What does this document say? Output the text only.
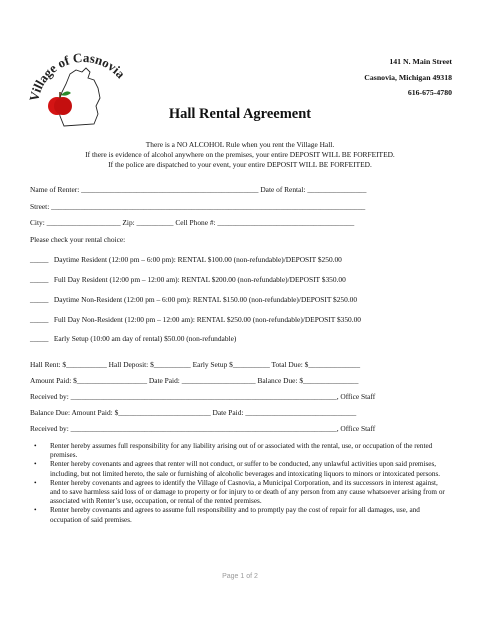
Village of Casnovia
141 N. Main Street
Casnovia, Michigan 49318
616-675-4780
Hall Rental Agreement
There is a NO ALCOHOL Rule when you rent the Village Hall.
If there is evidence of alcohol anywhere on the premises, your entire DEPOSIT WILL BE FORFEITED.
If the police are dispatched to your event, your entire DEPOSIT WILL BE FORFEITED.
Name of Renter: ________________________________________________ Date of Rental: ________________
Street: _____________________________________________________________________________________
City: ____________________ Zip: __________ Cell Phone #: _____________________________________
Please check your rental choice:
_____ Daytime Resident (12:00 pm – 6:00 pm): RENTAL $100.00 (non-refundable)/DEPOSIT $250.00
_____ Full Day Resident (12:00 pm – 12:00 am): RENTAL $200.00 (non-refundable)/DEPOSIT $350.00
_____ Daytime Non-Resident (12:00 pm – 6:00 pm): RENTAL $150.00 (non-refundable)/DEPOSIT $250.00
_____ Full Day Non-Resident (12:00 pm – 12:00 am): RENTAL $250.00 (non-refundable)/DEPOSIT $350.00
_____ Early Setup (10:00 am day of rental) $50.00 (non-refundable)
Hall Rent: $___________ Hall Deposit: $__________ Early Setup $__________ Total Due: $______________
Amount Paid: $___________________ Date Paid: ____________________ Balance Due: $_______________
Received by: ________________________________________________________________________, Office Staff
Balance Due: Amount Paid: $_________________________ Date Paid: ______________________________
Received by: ________________________________________________________________________, Office Staff
• Renter hereby assumes full responsibility for any liability arising out of or associated with the rental, use, or occupation of the rented premises.
• Renter hereby covenants and agrees that renter will not conduct, or suffer to be conducted, any unlawful activities upon said premises, including, but not limited hereto, the sale or furnishing of alcoholic beverages and intoxicating liquors to minors or intoxicated persons.
• Renter hereby covenants and agrees to identify the Village of Casnovia, a Municipal Corporation, and its successors in interest against, and to save harmless said loss of or damage to property or for injury to or death of any person from any cause whatsoever arising from or associated with Renter’s use, occupation, or rental of the rented premises.
• Renter hereby covenants and agrees to assume full responsibility and to promptly pay the cost of repair for all damages, use, and occupation of said premises.
Page 1 of 2
